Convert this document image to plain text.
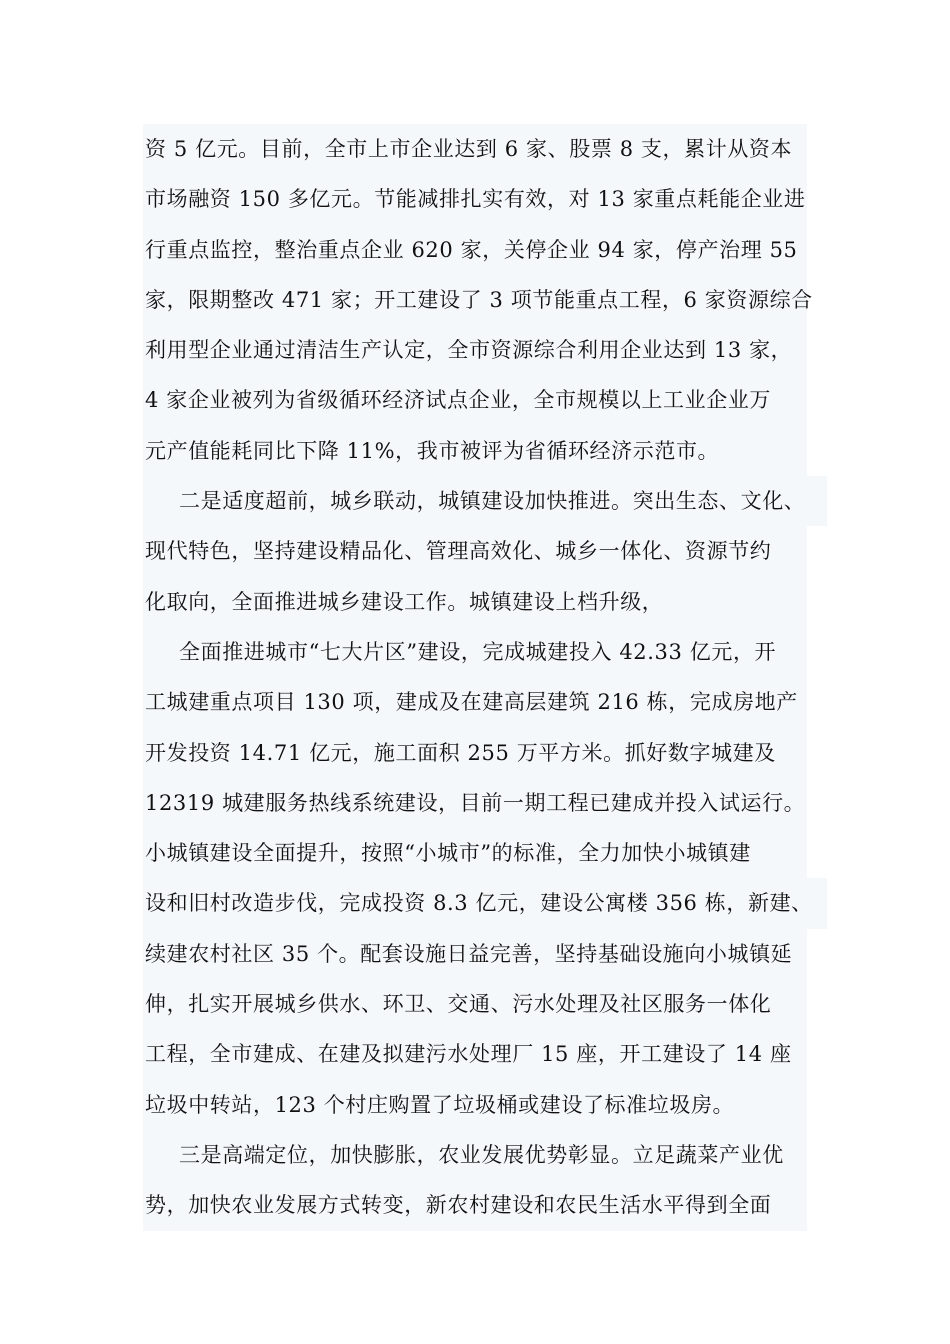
资 5 亿元。目前，全市上市企业达到 6 家、股票 8 支，累计从资本
市场融资 150 多亿元。节能减排扎实有效，对 13 家重点耗能企业进
行重点监控，整治重点企业 620 家，关停企业 94 家，停产治理 55
家，限期整改 471 家；开工建设了 3 项节能重点工程，6 家资源综合
利用型企业通过清洁生产认定，全市资源综合利用企业达到 13 家，
4 家企业被列为省级循环经济试点企业，全市规模以上工业企业万
元产值能耗同比下降 11%，我市被评为省循环经济示范市。
二是适度超前，城乡联动，城镇建设加快推进。突出生态、文化、
现代特色，坚持建设精品化、管理高效化、城乡一体化、资源节约
化取向，全面推进城乡建设工作。城镇建设上档升级，
全面推进城市“七大片区”建设，完成城建投入 42.33 亿元，开
工城建重点项目 130 项，建成及在建高层建筑 216 栋，完成房地产
开发投资 14.71 亿元，施工面积 255 万平方米。抓好数字城建及
12319 城建服务热线系统建设，目前一期工程已建成并投入试运行。
小城镇建设全面提升，按照“小城市”的标准，全力加快小城镇建
设和旧村改造步伐，完成投资 8.3 亿元，建设公寓楼 356 栋，新建、
续建农村社区 35 个。配套设施日益完善，坚持基础设施向小城镇延
伸，扎实开展城乡供水、环卫、交通、污水处理及社区服务一体化
工程，全市建成、在建及拟建污水处理厂 15 座，开工建设了 14 座
垃圾中转站，123 个村庄购置了垃圾桶或建设了标准垃圾房。
三是高端定位，加快膨胀，农业发展优势彰显。立足蔬菜产业优
势，加快农业发展方式转变，新农村建设和农民生活水平得到全面
